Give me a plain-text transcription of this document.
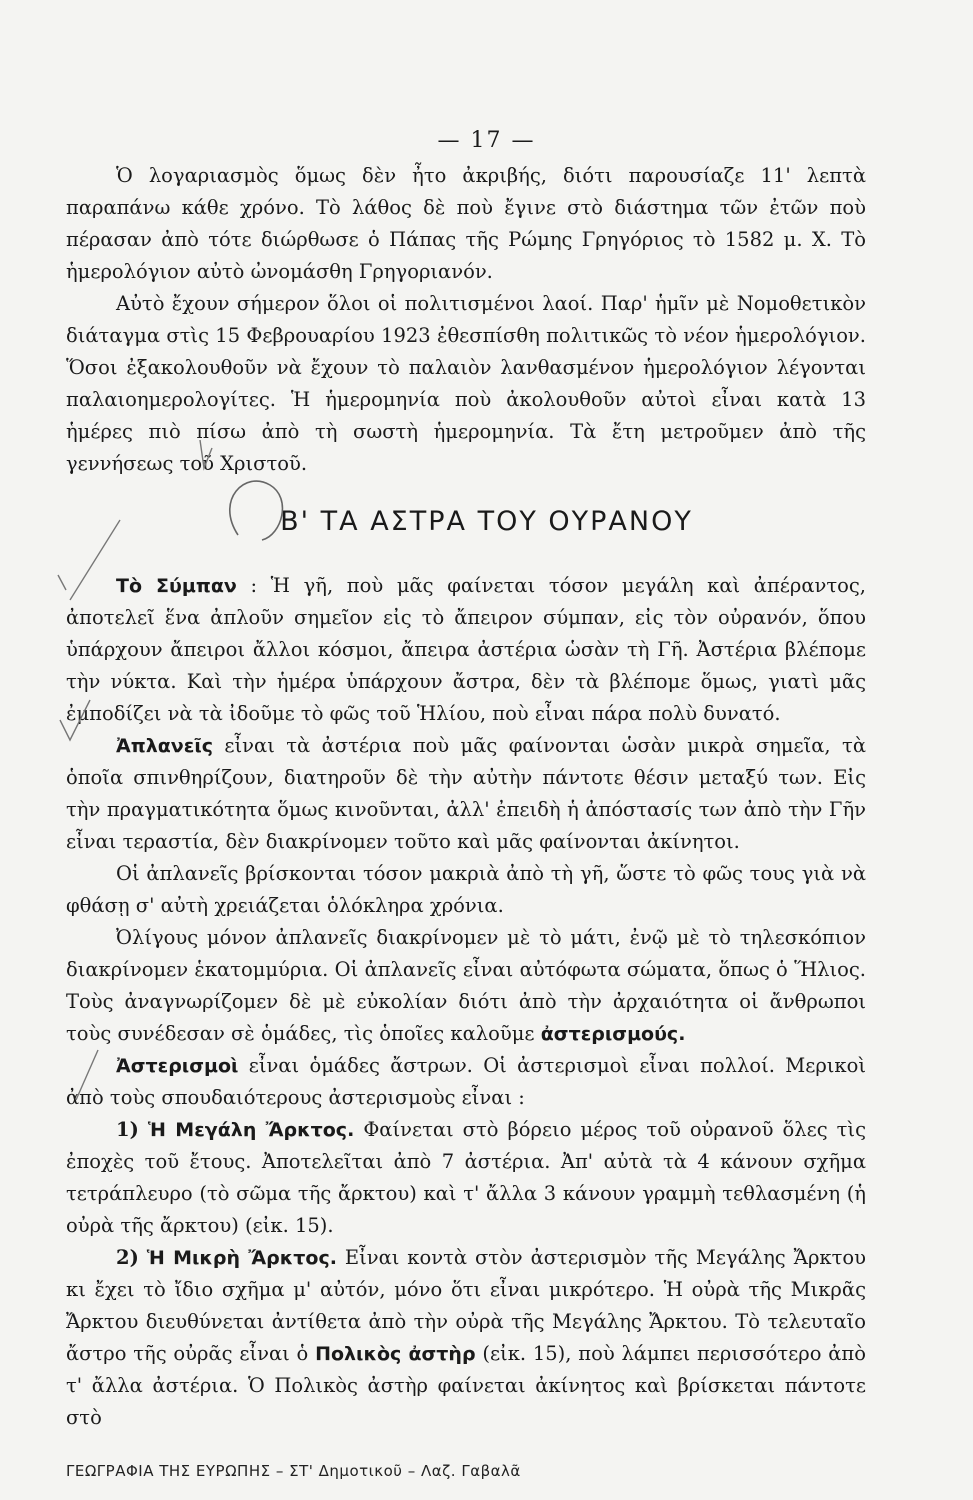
— 17 —

Ὁ λογαριασμὸς ὅμως δὲν ἦτο ἀκριβής, διότι παρουσίαζε 11' λεπτὰ παραπάνω κάθε χρόνο. Τὸ λάθος δὲ ποὺ ἔγινε στὸ διάστημα τῶν ἐτῶν ποὺ πέρασαν ἀπὸ τότε διώρθωσε ὁ Πάπας τῆς Ρώμης Γρηγόριος τὸ 1582 μ. Χ. Τὸ ἡμερολόγιον αὐτὸ ὠνομάσθη Γρηγοριανόν.

Αὐτὸ ἔχουν σήμερον ὅλοι οἱ πολιτισμένοι λαοί. Παρ' ἡμῖν μὲ Νομοθετικὸν διάταγμα στὶς 15 Φεβρουαρίου 1923 ἐθεσπίσθη πολιτικῶς τὸ νέον ἡμερολόγιον. Ὅσοι ἐξακολουθοῦν νὰ ἔχουν τὸ παλαιὸν λανθασμένον ἡμερολόγιον λέγονται παλαιοημερολογίτες. Ἡ ἡμερομηνία ποὺ ἀκολουθοῦν αὐτοὶ εἶναι κατὰ 13 ἡμέρες πιὸ πίσω ἀπὸ τὴ σωστὴ ἡμερομηνία. Τὰ ἔτη μετροῦμεν ἀπὸ τῆς γεννήσεως τοῦ Χριστοῦ.

Β' ΤΑ ΑΣΤΡΑ ΤΟΥ ΟΥΡΑΝΟΥ

Τὸ Σύμπαν : Ἡ γῆ, ποὺ μᾶς φαίνεται τόσον μεγάλη καὶ ἀπέραντος, ἀποτελεῖ ἕνα ἀπλοῦν σημεῖον εἰς τὸ ἄπειρον σύμπαν, εἰς τὸν οὐρανόν, ὅπου ὑπάρχουν ἄπειροι ἄλλοι κόσμοι, ἄπειρα ἀστέρια ὡσὰν τὴ Γῆ. Ἀστέρια βλέπομε τὴν νύκτα. Καὶ τὴν ἡμέρα ὑπάρχουν ἄστρα, δὲν τὰ βλέπομε ὅμως, γιατὶ μᾶς ἐμποδίζει νὰ τὰ ἰδοῦμε τὸ φῶς τοῦ Ἡλίου, ποὺ εἶναι πάρα πολὺ δυνατό.

Ἀπλανεῖς εἶναι τὰ ἀστέρια ποὺ μᾶς φαίνονται ὡσὰν μικρὰ σημεῖα, τὰ ὁποῖα σπινθηρίζουν, διατηροῦν δὲ τὴν αὐτὴν πάντοτε θέσιν μεταξύ των. Εἰς τὴν πραγματικότητα ὅμως κινοῦνται, ἀλλ' ἐπειδὴ ἡ ἀπόστασίς των ἀπὸ τὴν Γῆν εἶναι τεραστία, δὲν διακρίνομεν τοῦτο καὶ μᾶς φαίνονται ἀκίνητοι.

Οἱ ἀπλανεῖς βρίσκονται τόσον μακριὰ ἀπὸ τὴ γῆ, ὥστε τὸ φῶς τους γιὰ νὰ φθάσῃ σ' αὐτὴ χρειάζεται ὁλόκληρα χρόνια.

Ὀλίγους μόνον ἀπλανεῖς διακρίνομεν μὲ τὸ μάτι, ἐνῷ μὲ τὸ τηλεσκόπιον διακρίνομεν ἑκατομμύρια. Οἱ ἀπλανεῖς εἶναι αὐτόφωτα σώματα, ὅπως ὁ Ἥλιος. Τοὺς ἀναγνωρίζομεν δὲ μὲ εὐκολίαν διότι ἀπὸ τὴν ἀρχαιότητα οἱ ἄνθρωποι τοὺς συνέδεσαν σὲ ὁμάδες, τὶς ὁποῖες καλοῦμε ἀστερισμούς.

Ἀστερισμοὶ εἶναι ὁμάδες ἄστρων. Οἱ ἀστερισμοὶ εἶναι πολλοί. Μερικοὶ ἀπὸ τοὺς σπουδαιότερους ἀστερισμοὺς εἶναι :

1) Ἡ Μεγάλη Ἄρκτος. Φαίνεται στὸ βόρειο μέρος τοῦ οὐρανοῦ ὅλες τὶς ἐποχὲς τοῦ ἔτους. Ἀποτελεῖται ἀπὸ 7 ἀστέρια. Ἀπ' αὐτὰ τὰ 4 κάνουν σχῆμα τετράπλευρο (τὸ σῶμα τῆς ἄρκτου) καὶ τ' ἄλλα 3 κάνουν γραμμὴ τεθλασμένη (ἡ οὐρὰ τῆς ἄρκτου) (εἰκ. 15).

2) Ἡ Μικρὴ Ἄρκτος. Εἶναι κοντὰ στὸν ἀστερισμὸν τῆς Μεγάλης Ἄρκτου κι ἔχει τὸ ἴδιο σχῆμα μ' αὐτόν, μόνο ὅτι εἶναι μικρότερο. Ἡ οὐρὰ τῆς Μικρᾶς Ἄρκτου διευθύνεται ἀντίθετα ἀπὸ τὴν οὐρὰ τῆς Μεγάλης Ἄρκτου. Τὸ τελευταῖο ἄστρο τῆς οὐρᾶς εἶναι ὁ Πολικὸς ἀστὴρ (εἰκ. 15), ποὺ λάμπει περισσότερο ἀπὸ τ' ἄλλα ἀστέρια. Ὁ Πολικὸς ἀστὴρ φαίνεται ἀκίνητος καὶ βρίσκεται πάντοτε στὸ

ΓΕΩΓΡΑΦΙΑ ΤΗΣ ΕΥΡΩΠΗΣ – ΣΤ' Δημοτικοῦ – Λαζ. Γαβαλᾶ
